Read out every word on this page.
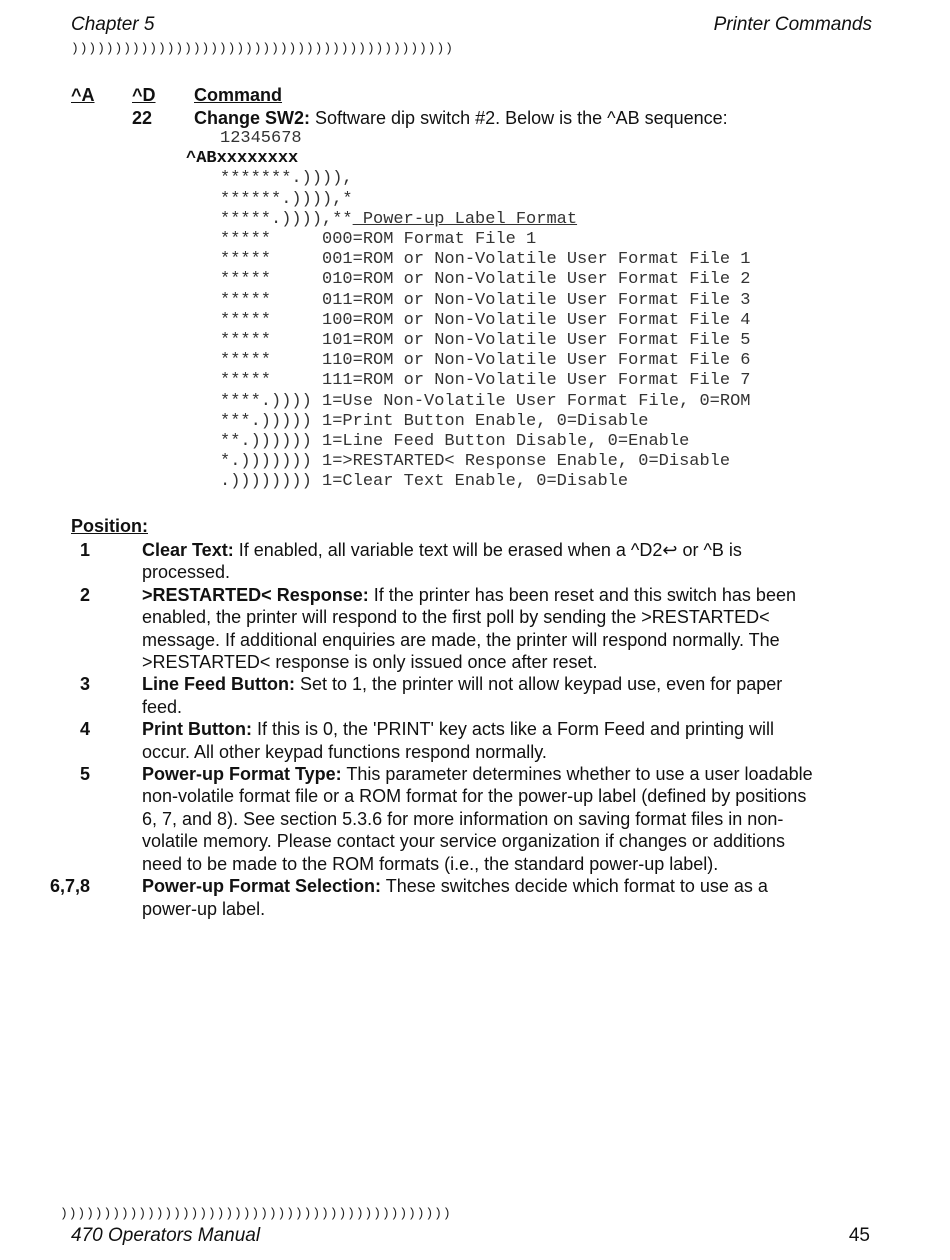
Chapter 5	Printer Commands
))))))))))))))))))))))))))))))))))))))))))))
^A ^D Command
22 Change SW2: Software dip switch #2. Below is the ^AB sequence:
12345678
^ABxxxxxxxx
*******.)))),
******.)))),*
*****.)))),** Power-up Label Format
*****     000=ROM Format File 1
*****     001=ROM or Non-Volatile User Format File 1
*****     010=ROM or Non-Volatile User Format File 2
*****     011=ROM or Non-Volatile User Format File 3
*****     100=ROM or Non-Volatile User Format File 4
*****     101=ROM or Non-Volatile User Format File 5
*****     110=ROM or Non-Volatile User Format File 6
*****     111=ROM or Non-Volatile User Format File 7
****.)))) 1=Use Non-Volatile User Format File, 0=ROM
***.))))) 1=Print Button Enable, 0=Disable
**.)))))) 1=Line Feed Button Disable, 0=Enable
*.))))))) 1=>RESTARTED< Response Enable, 0=Disable
.)))))))) 1=Clear Text Enable, 0=Disable
Position:
1	Clear Text: If enabled, all variable text will be erased when a ^D2↩ or ^B is processed.
2	>RESTARTED< Response: If the printer has been reset and this switch has been enabled, the printer will respond to the first poll by sending the >RESTARTED< message. If additional enquiries are made, the printer will respond normally. The >RESTARTED< response is only issued once after reset.
3	Line Feed Button: Set to 1, the printer will not allow keypad use, even for paper feed.
4	Print Button: If this is 0, the 'PRINT' key acts like a Form Feed and printing will occur. All other keypad functions respond normally.
5	Power-up Format Type: This parameter determines whether to use a user loadable non-volatile format file or a ROM format for the power-up label (defined by positions 6, 7, and 8). See section 5.3.6 for more information on saving format files in non-volatile memory. Please contact your service organization if changes or additions need to be made to the ROM formats (i.e., the standard power-up label).
6,7,8	Power-up Format Selection: These switches decide which format to use as a power-up label.
)))))))))))))))))))))))))))))))))))))))))))))
470 Operators Manual	45
